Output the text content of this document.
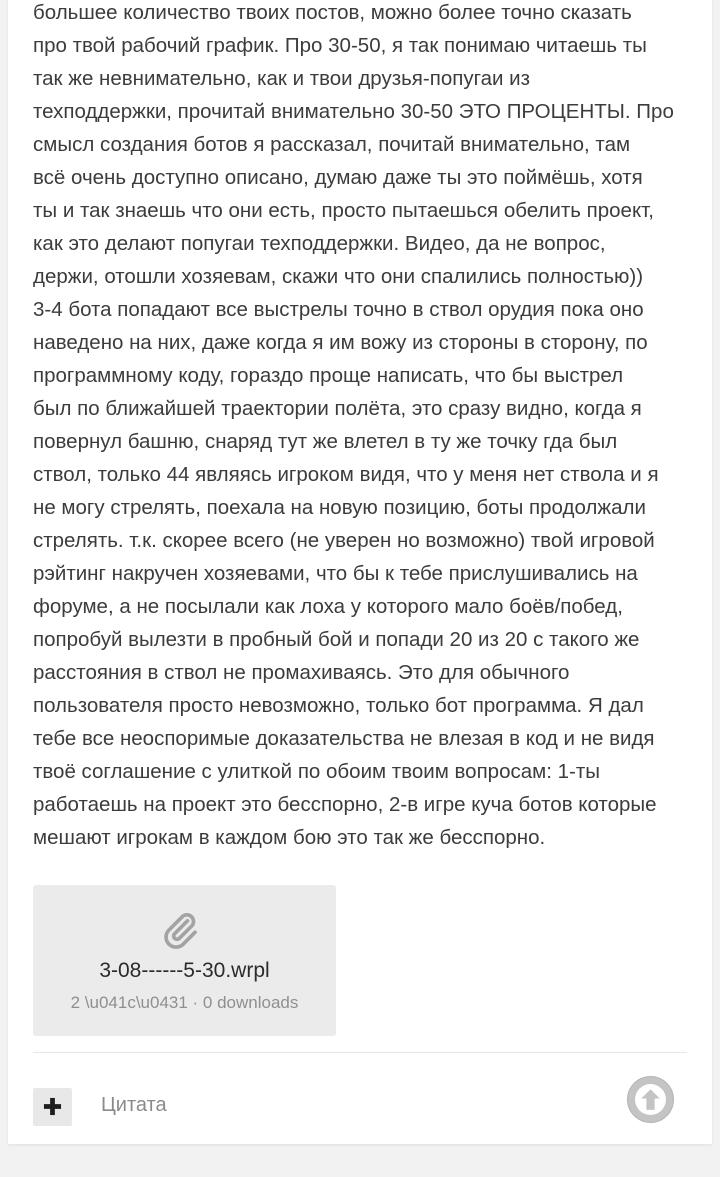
большее количество твоих постов, можно более точно сказать
про твой рабочий график. Про 30-50, я так понимаю читаешь ты
так же невнимательно, как и твои друзья-попугаи из
техподдержки, прочитай внимательно 30-50 ЭТО ПРОЦЕНТЫ. Про
смысл создания ботов я рассказал, почитай внимательно, там
всё очень доступно описано, думаю даже ты это поймёшь, хотя
ты и так знаешь что они есть, просто пытаешься обелить проект,
как это делают попугаи техподдержки. Видео, да не вопрос,
держи, отошли хозяевам, скажи что они спалились полностью))
3-4 бота попадают все выстрелы точно в ствол орудия пока оно
наведено на них, даже когда я им вожу из стороны в сторону, по
программному коду, гораздо проще написать, что бы выстрел
был по ближайшей траектории полёта, это сразу видно, когда я
повернул башню, снаряд тут же влетел в ту же точку гда был
ствол, только 44 являясь игроком видя, что у меня нет ствола и я
не могу стрелять, поехала на новую позицию, боты продолжали
стрелять. т.к. скорее всего (не уверен но возможно) твой игровой
рэйтинг накручен хозяевами, что бы к тебе прислушивались на
форуме, а не посылали как лоха у которого мало боёв/побед,
попробуй вылезти в пробный бой и попади 20 из 20 с такого же
расстояния в ствол не промахиваясь. Это для обычного
пользователя просто невозможно, только бот программа. Я дал
тебе все неоспоримые доказательства не влезая в код и не видя
твоё соглашение с улиткой по обоим твоим вопросам: 1-ты
работаешь на проект это бесспорно, 2-в игре куча ботов которые
мешают игрокам в каждом бою это так же бесспорно.

3-08------5-30.wrpl
2 \u041c\u0431 · 0 downloads
Цитата
